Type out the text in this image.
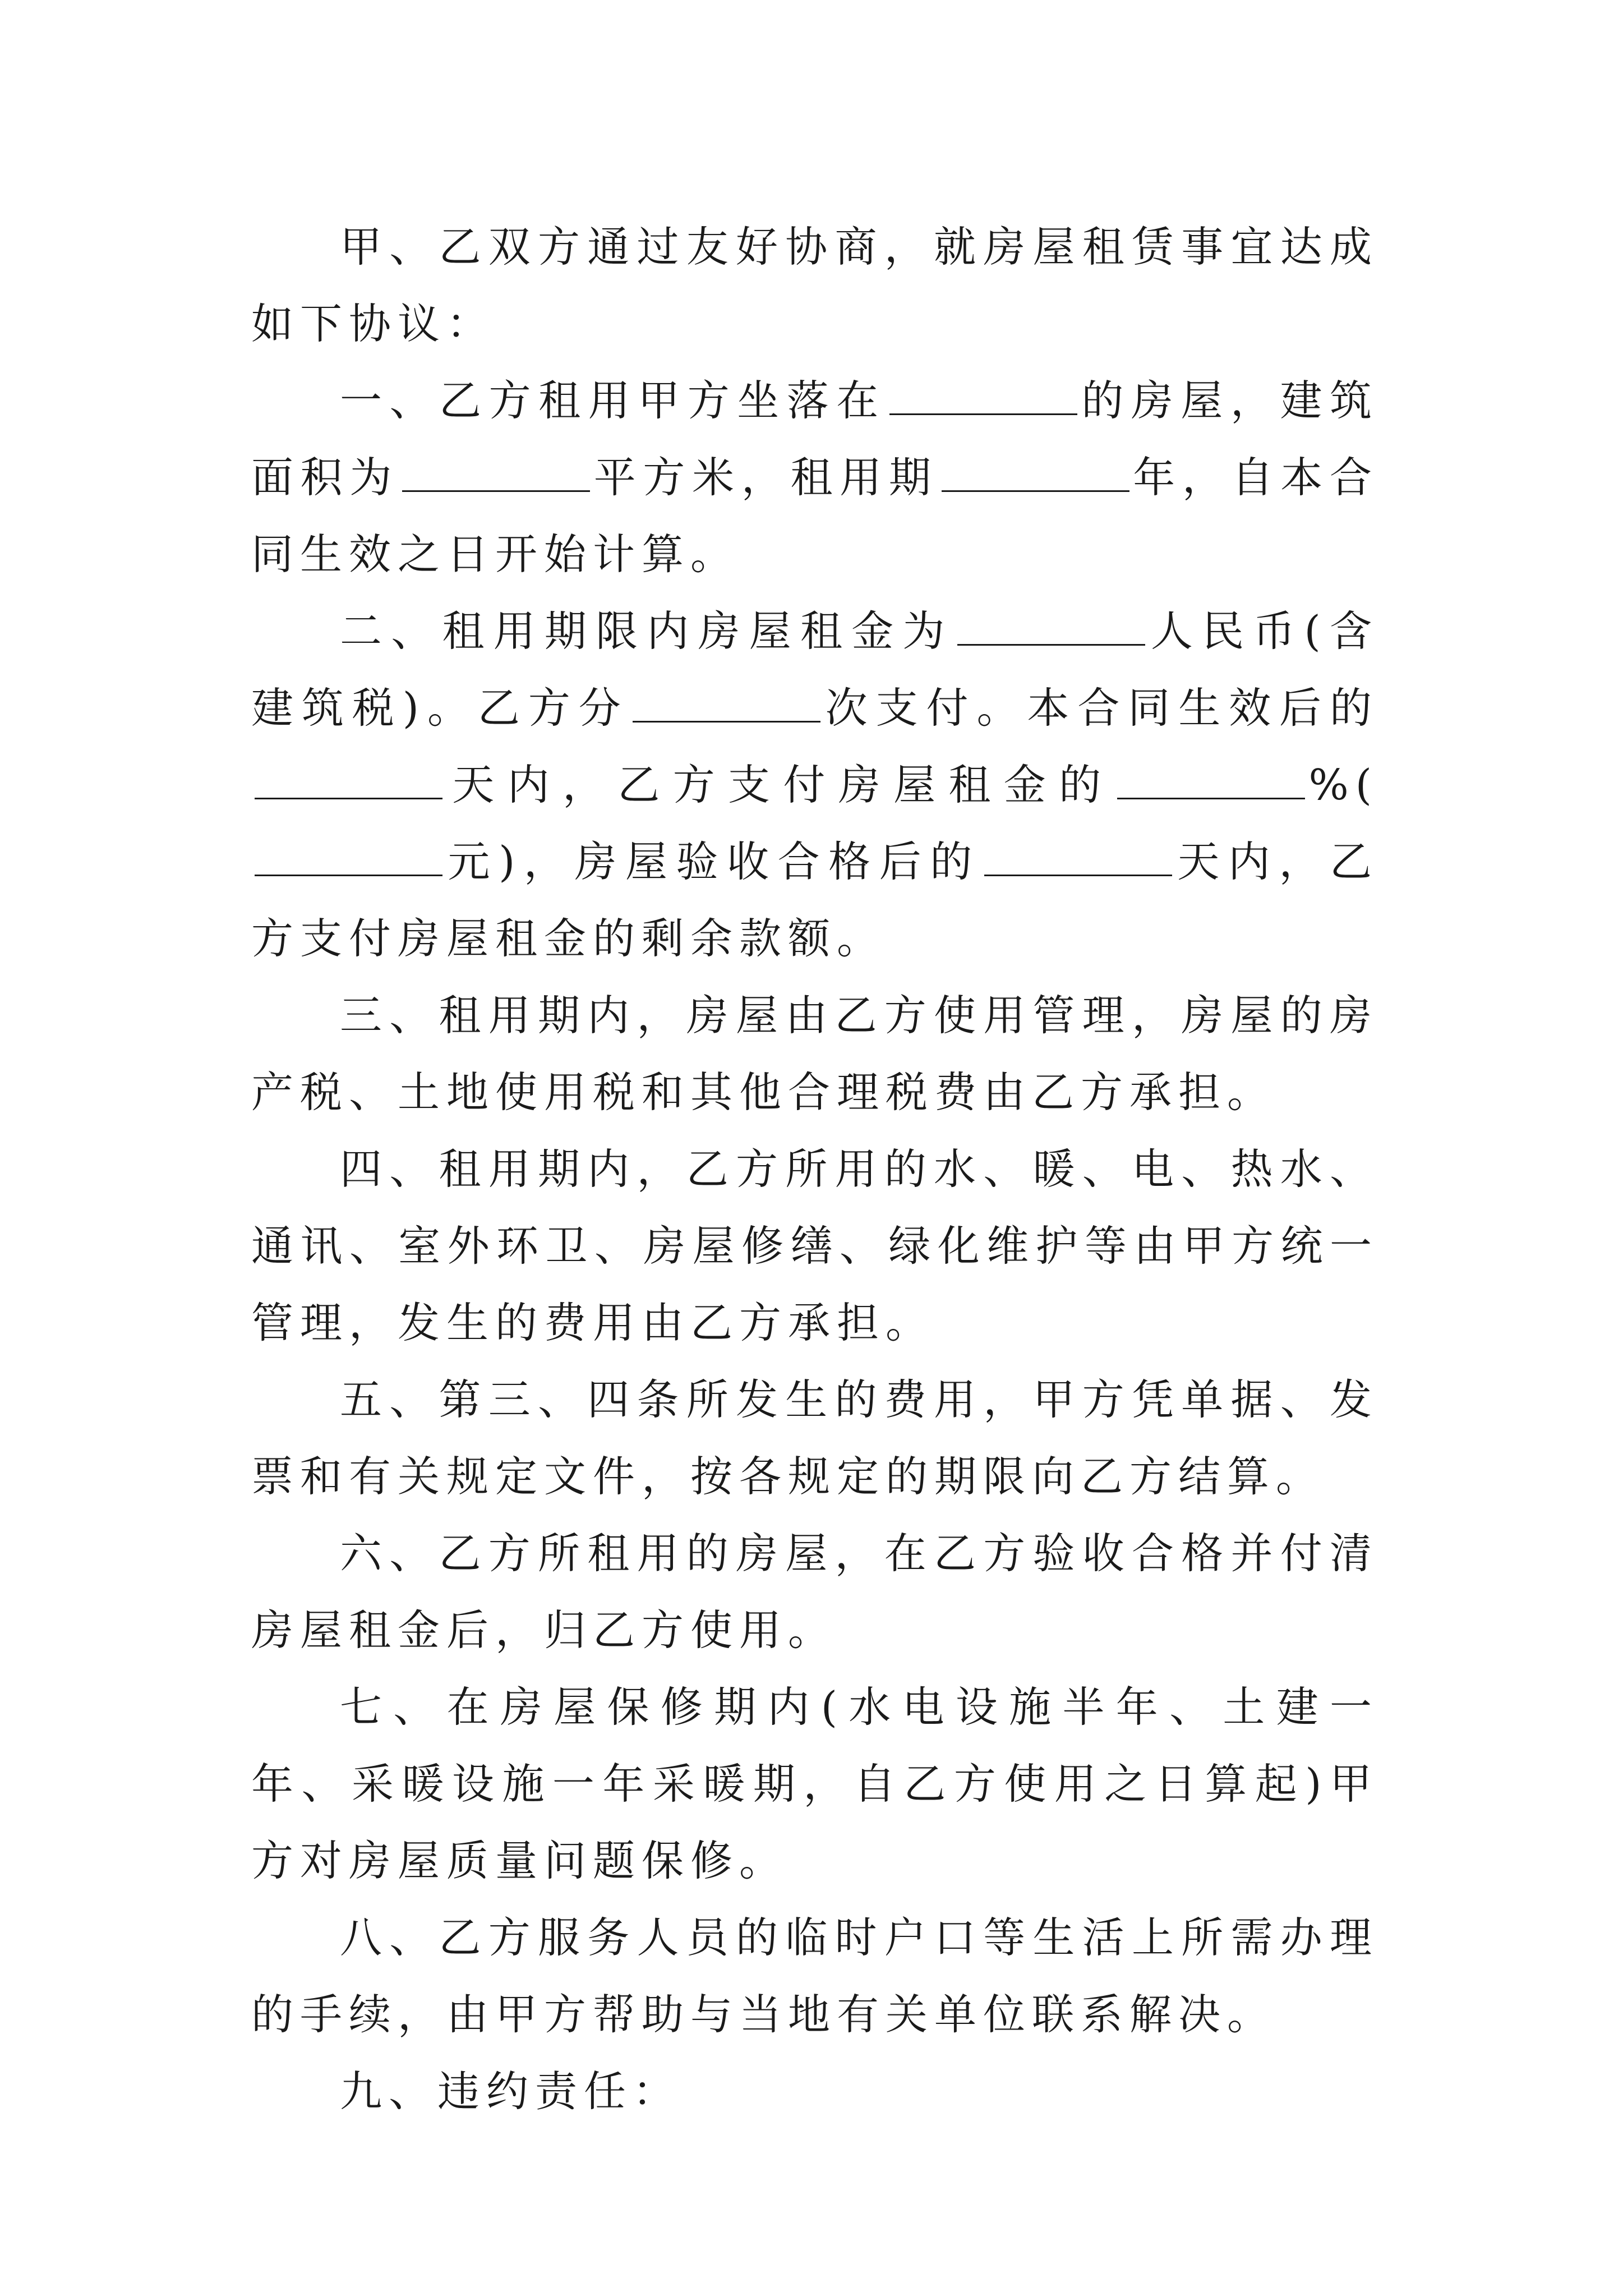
甲、乙双方通过友好协商，就房屋租赁事宜达成如下协议：

一、乙方租用甲方坐落在	的房屋，建筑面积为	平方米，租用期	年，自本合同生效之日开始计算。

二、租用期限内房屋租金为	人民币(含建筑税)。乙方分	次支付。本合同生效后的天内，乙方支付房屋租金的	%(元)，房屋验收合格后的	天内，乙方支付房屋租金的剩余款额。

三、租用期内，房屋由乙方使用管理，房屋的房产税、土地使用税和其他合理税费由乙方承担。

四、租用期内，乙方所用的水、暖、电、热水、通讯、室外环卫、房屋修缮、绿化维护等由甲方统一管理，发生的费用由乙方承担。

五、第三、四条所发生的费用，甲方凭单据、发票和有关规定文件，按各规定的期限向乙方结算。

六、乙方所租用的房屋，在乙方验收合格并付清房屋租金后，归乙方使用。

七、在房屋保修期内(水电设施半年、土建一年、采暖设施一年采暖期，自乙方使用之日算起)甲方对房屋质量问题保修。

八、乙方服务人员的临时户口等生活上所需办理的手续，由甲方帮助与当地有关单位联系解决。

九、违约责任：
